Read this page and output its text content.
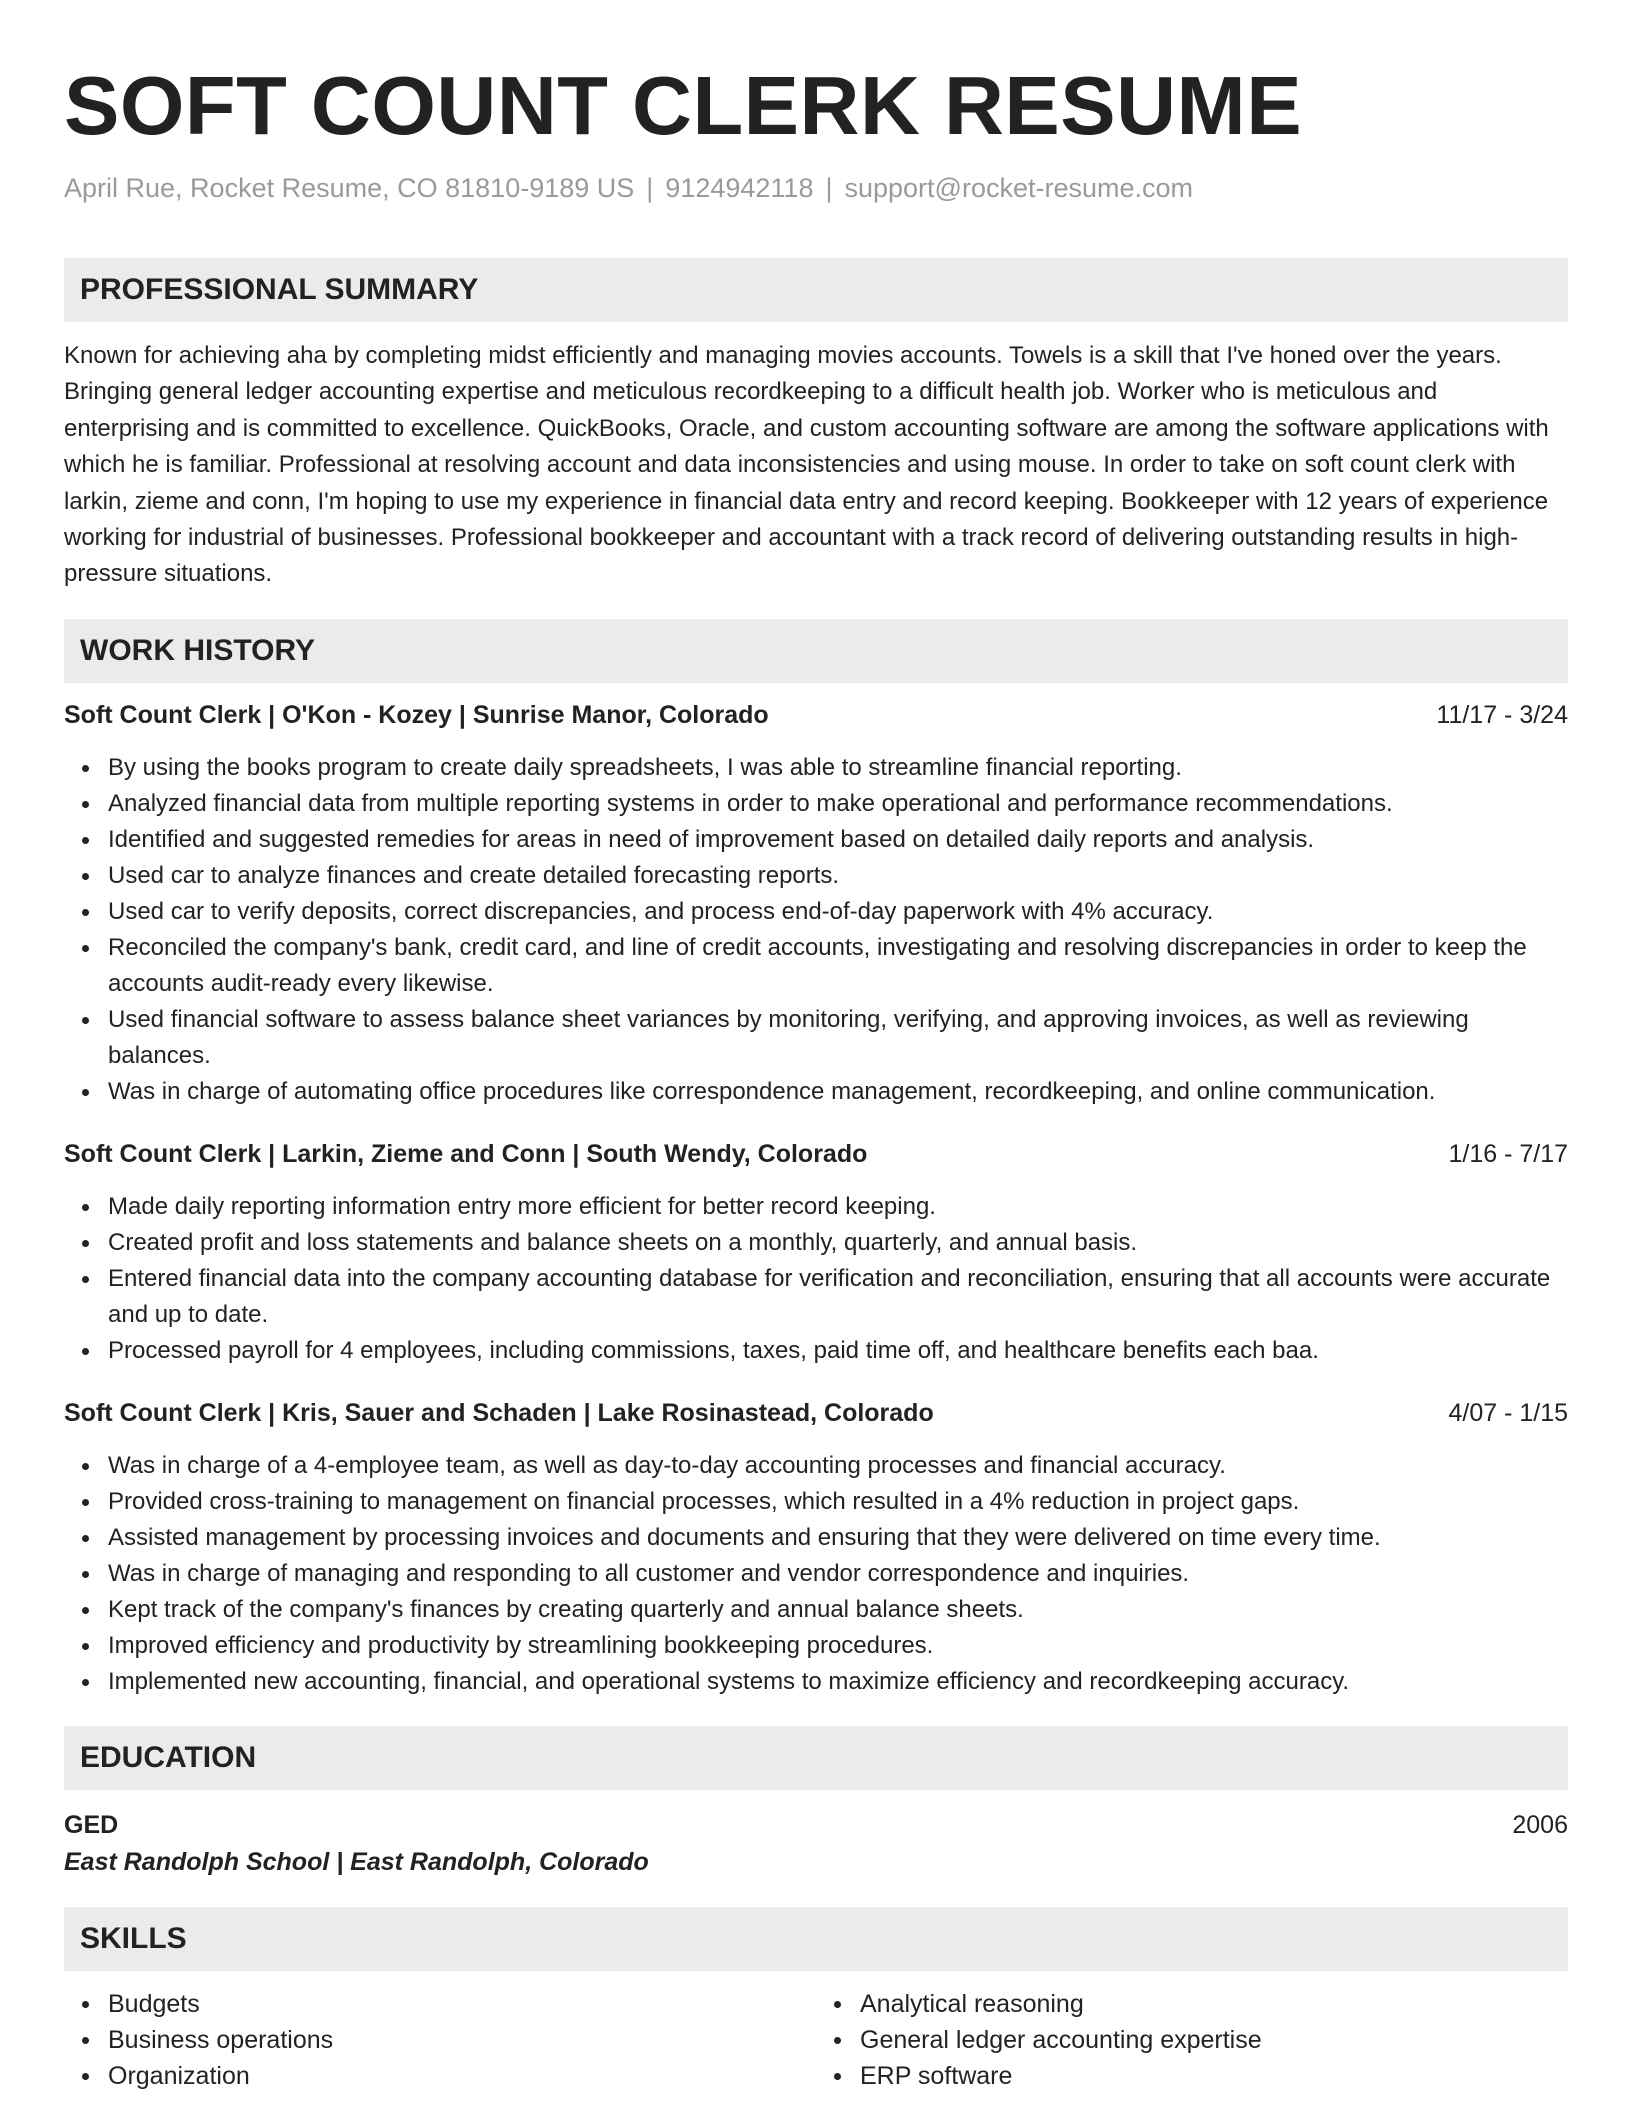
SOFT COUNT CLERK RESUME
April Rue, Rocket Resume, CO 81810-9189 US | 9124942118 | support@rocket-resume.com
PROFESSIONAL SUMMARY
Known for achieving aha by completing midst efficiently and managing movies accounts. Towels is a skill that I've honed over the years. Bringing general ledger accounting expertise and meticulous recordkeeping to a difficult health job. Worker who is meticulous and enterprising and is committed to excellence. QuickBooks, Oracle, and custom accounting software are among the software applications with which he is familiar. Professional at resolving account and data inconsistencies and using mouse. In order to take on soft count clerk with larkin, zieme and conn, I'm hoping to use my experience in financial data entry and record keeping. Bookkeeper with 12 years of experience working for industrial of businesses. Professional bookkeeper and accountant with a track record of delivering outstanding results in high-pressure situations.
WORK HISTORY
Soft Count Clerk | O'Kon - Kozey | Sunrise Manor, Colorado	11/17 - 3/24
By using the books program to create daily spreadsheets, I was able to streamline financial reporting.
Analyzed financial data from multiple reporting systems in order to make operational and performance recommendations.
Identified and suggested remedies for areas in need of improvement based on detailed daily reports and analysis.
Used car to analyze finances and create detailed forecasting reports.
Used car to verify deposits, correct discrepancies, and process end-of-day paperwork with 4% accuracy.
Reconciled the company's bank, credit card, and line of credit accounts, investigating and resolving discrepancies in order to keep the accounts audit-ready every likewise.
Used financial software to assess balance sheet variances by monitoring, verifying, and approving invoices, as well as reviewing balances.
Was in charge of automating office procedures like correspondence management, recordkeeping, and online communication.
Soft Count Clerk | Larkin, Zieme and Conn | South Wendy, Colorado	1/16 - 7/17
Made daily reporting information entry more efficient for better record keeping.
Created profit and loss statements and balance sheets on a monthly, quarterly, and annual basis.
Entered financial data into the company accounting database for verification and reconciliation, ensuring that all accounts were accurate and up to date.
Processed payroll for 4 employees, including commissions, taxes, paid time off, and healthcare benefits each baa.
Soft Count Clerk | Kris, Sauer and Schaden | Lake Rosinastead, Colorado	4/07 - 1/15
Was in charge of a 4-employee team, as well as day-to-day accounting processes and financial accuracy.
Provided cross-training to management on financial processes, which resulted in a 4% reduction in project gaps.
Assisted management by processing invoices and documents and ensuring that they were delivered on time every time.
Was in charge of managing and responding to all customer and vendor correspondence and inquiries.
Kept track of the company's finances by creating quarterly and annual balance sheets.
Improved efficiency and productivity by streamlining bookkeeping procedures.
Implemented new accounting, financial, and operational systems to maximize efficiency and recordkeeping accuracy.
EDUCATION
GED	2006
East Randolph School | East Randolph, Colorado
SKILLS
Budgets
Business operations
Organization
Analytical reasoning
General ledger accounting expertise
ERP software
